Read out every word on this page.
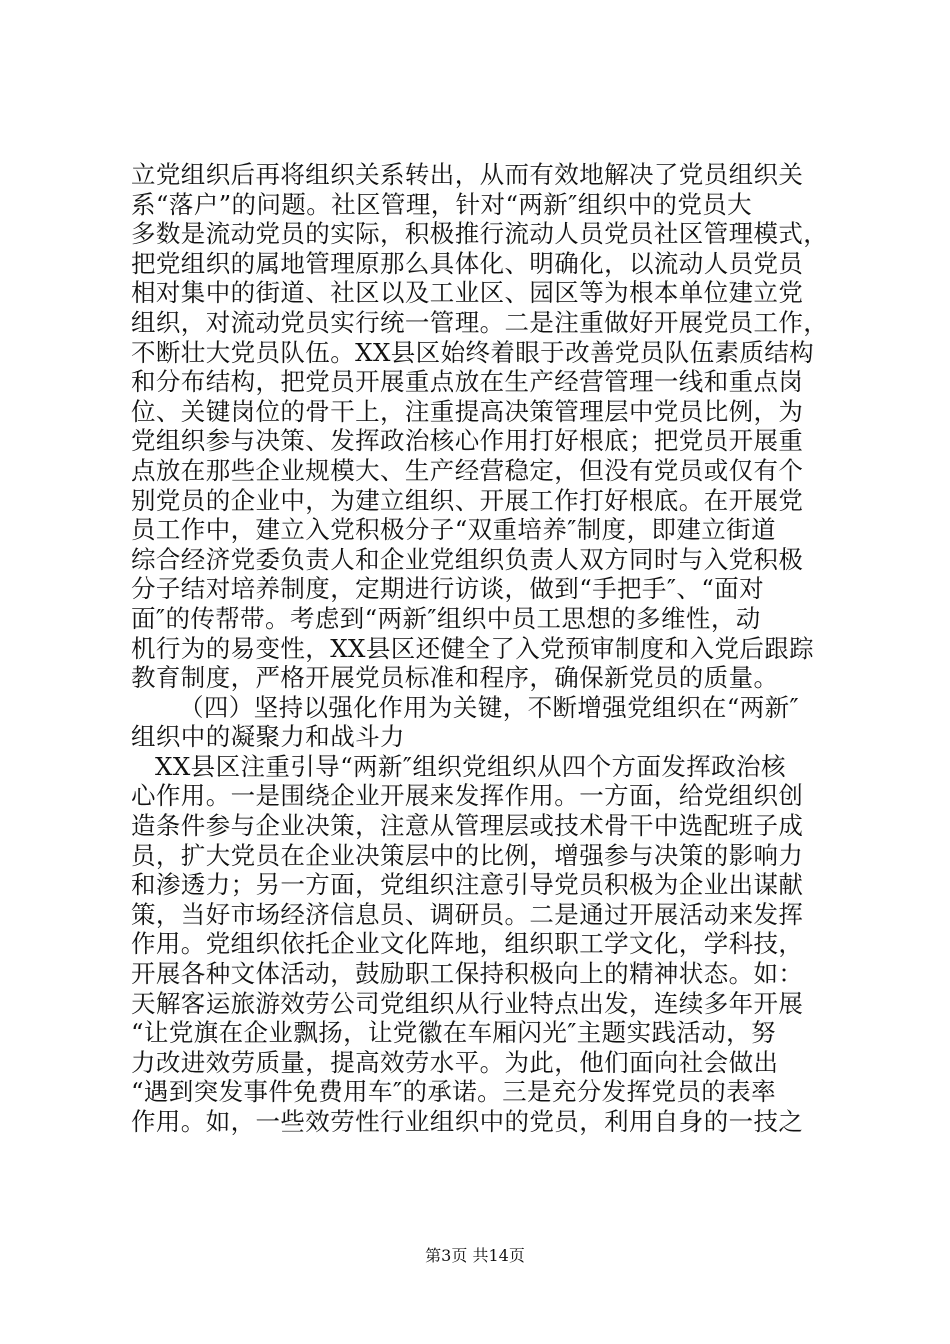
立党组织后再将组织关系转出，从而有效地解决了党员组织关
系“落户”的问题。社区管理，针对“两新″组织中的党员大
多数是流动党员的实际，积极推行流动人员党员社区管理模式，
把党组织的属地管理原那么具体化、明确化，以流动人员党员
相对集中的街道、社区以及工业区、园区等为根本单位建立党
组织，对流动党员实行统一管理。二是注重做好开展党员工作，
不断壮大党员队伍。XX县区始终着眼于改善党员队伍素质结构
和分布结构，把党员开展重点放在生产经营管理一线和重点岗
位、关键岗位的骨干上，注重提高决策管理层中党员比例，为
党组织参与决策、发挥政治核心作用打好根底；把党员开展重
点放在那些企业规模大、生产经营稳定，但没有党员或仅有个
别党员的企业中，为建立组织、开展工作打好根底。在开展党
员工作中，建立入党积极分子“双重培养″制度，即建立街道
综合经济党委负责人和企业党组织负责人双方同时与入党积极
分子结对培养制度，定期进行访谈，做到“手把手″、“面对
面″的传帮带。考虑到“两新″组织中员工思想的多维性，动
机行为的易变性，XX县区还健全了入党预审制度和入党后跟踪
教育制度，严格开展党员标准和程序，确保新党员的质量。
（四）坚持以强化作用为关键，不断增强党组织在“两新″
组织中的凝聚力和战斗力
XX县区注重引导“两新″组织党组织从四个方面发挥政治核
心作用。一是围绕企业开展来发挥作用。一方面，给党组织创
造条件参与企业决策，注意从管理层或技术骨干中选配班子成
员，扩大党员在企业决策层中的比例，增强参与决策的影响力
和渗透力；另一方面，党组织注意引导党员积极为企业出谋献
策，当好市场经济信息员、调研员。二是通过开展活动来发挥
作用。党组织依托企业文化阵地，组织职工学文化，学科技，
开展各种文体活动，鼓励职工保持积极向上的精神状态。如：
天解客运旅游效劳公司党组织从行业特点出发，连续多年开展
“让党旗在企业飘扬，让党徽在车厢闪光″主题实践活动，努
力改进效劳质量，提高效劳水平。为此，他们面向社会做出
“遇到突发事件免费用车″的承诺。三是充分发挥党员的表率
作用。如，一些效劳性行业组织中的党员，利用自身的一技之
第3页 共14页
